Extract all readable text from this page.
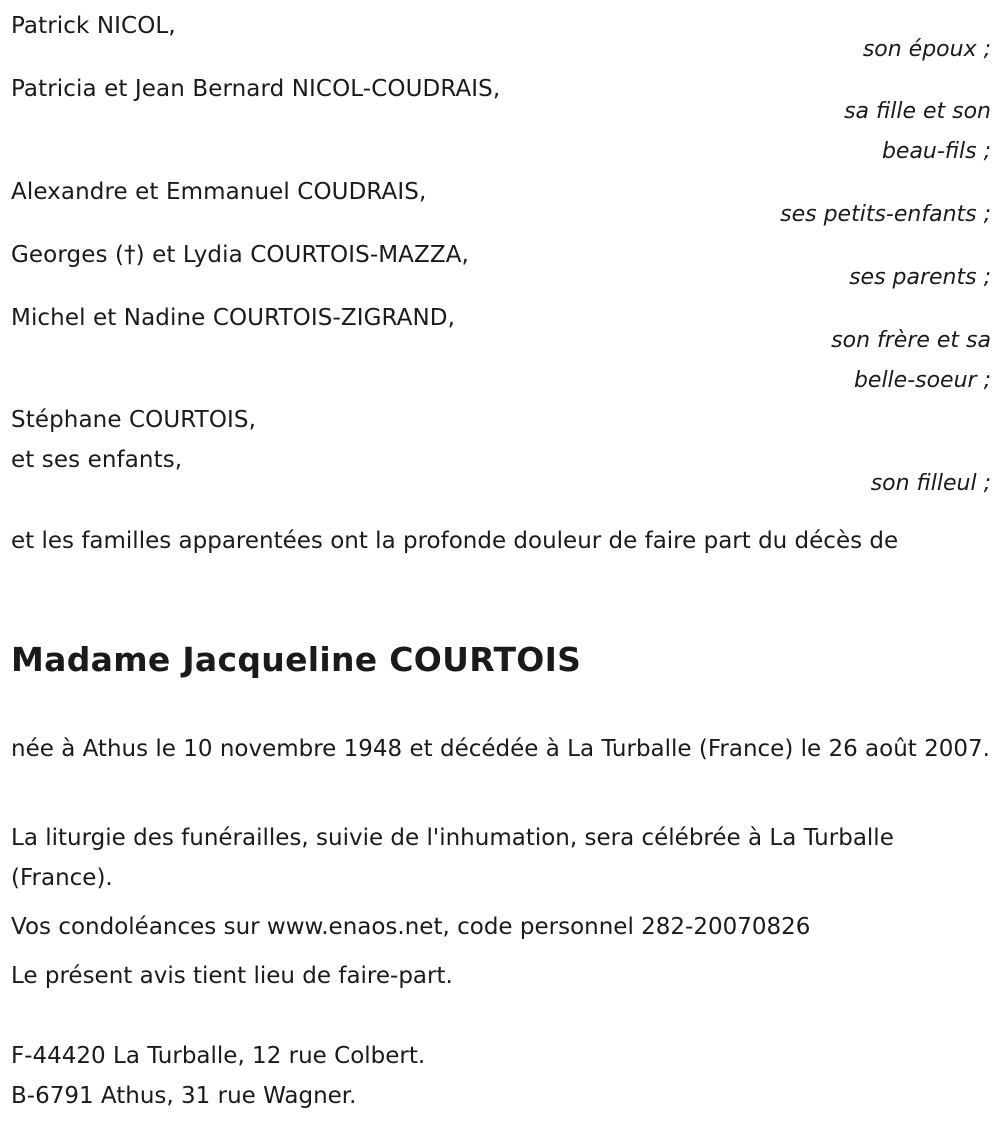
Patrick NICOL,
son époux ;
Patricia et Jean Bernard NICOL-COUDRAIS,
sa fille et son beau-fils ;
Alexandre et Emmanuel COUDRAIS,
ses petits-enfants ;
Georges (†) et Lydia COURTOIS-MAZZA,
ses parents ;
Michel et Nadine COURTOIS-ZIGRAND,
son frère et sa belle-soeur ;
Stéphane COURTOIS,
et ses enfants,
son filleul ;

et les familles apparentées ont la profonde douleur de faire part du décès de

Madame Jacqueline COURTOIS

née à Athus le 10 novembre 1948 et décédée à La Turballe (France) le 26 août 2007.

La liturgie des funérailles, suivie de l'inhumation, sera célébrée à La Turballe (France).

Vos condoléances sur www.enaos.net, code personnel 282-20070826

Le présent avis tient lieu de faire-part.

F-44420 La Turballe, 12 rue Colbert.

B-6791 Athus, 31 rue Wagner.
